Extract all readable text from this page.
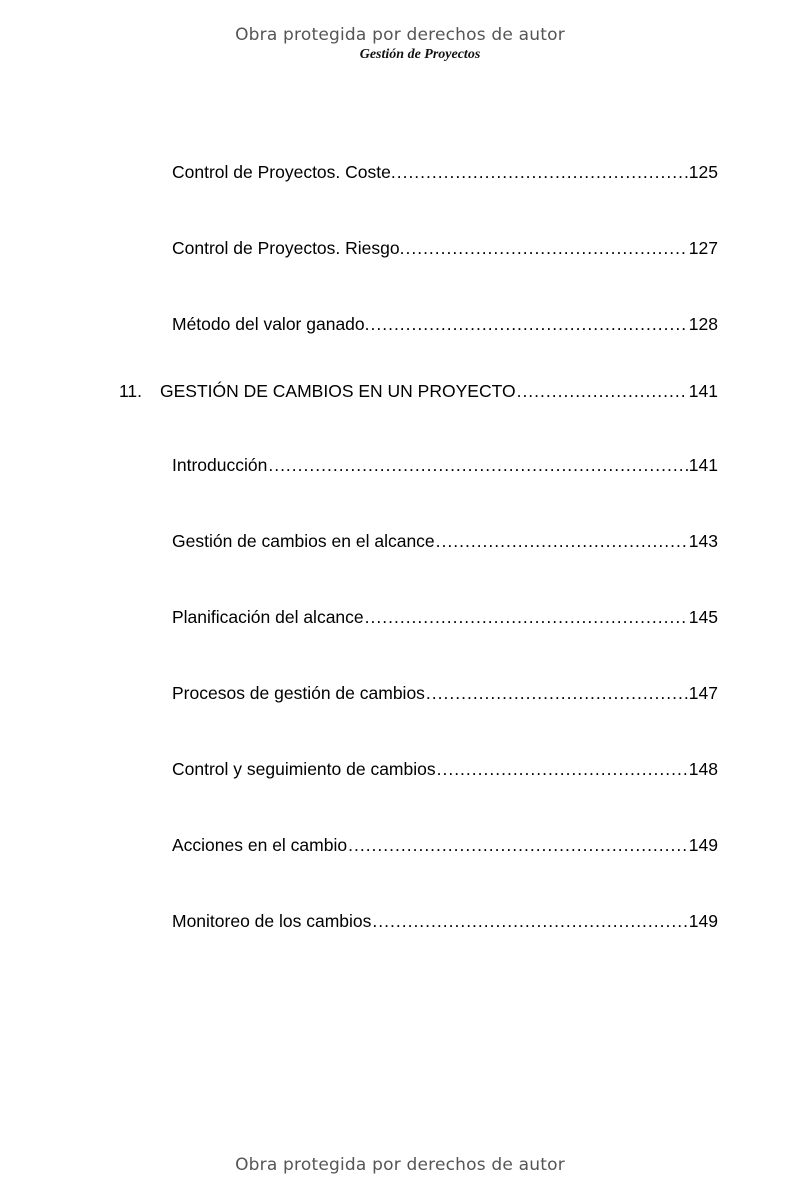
Obra protegida por derechos de autor
Gestión de Proyectos
Control de Proyectos. Coste. .....	125
Control de Proyectos. Riesgo. .....	127
Método del valor ganado. .....	128
11.	GESTIÓN DE CAMBIOS EN UN PROYECTO .....	141
Introducción .....	141
Gestión de cambios en el alcance .....	143
Planificación del alcance .....	145
Procesos de gestión de cambios .....	147
Control y seguimiento de cambios .....	148
Acciones en el cambio .....	149
Monitoreo de los cambios .....	149
Obra protegida por derechos de autor
